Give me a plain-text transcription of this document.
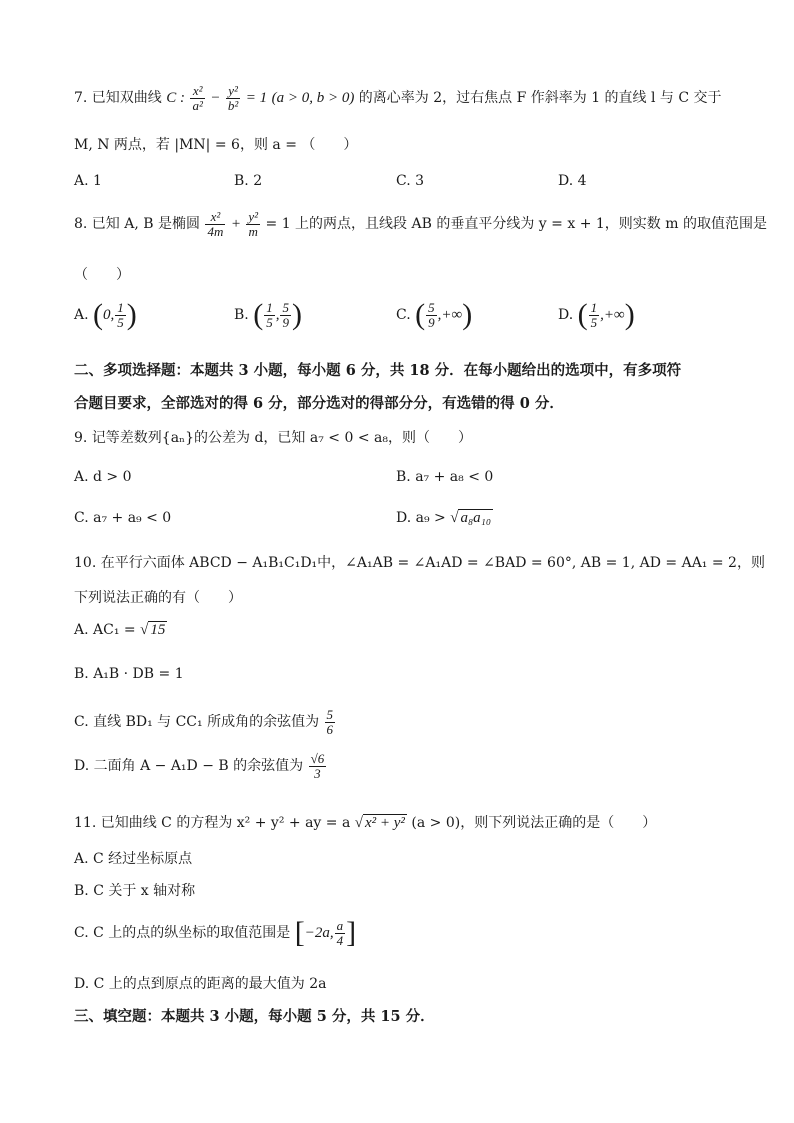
7. 已知双曲线 C : $\frac{\text{x²}}{\text{a²}} - \frac{\text{y²}}{\text{b²}} = 1$ (a > 0, b > 0) 的离心率为 2，过右焦点 F 作斜率为 1 的直线 l 与 C 交于
M, N 两点，若 |MN| = 6，则 a = （　　）
A. 1	B. 2	C. 3	D. 4
8. 已知 A, B 是椭圆 $\frac{\text{x²}}{4m} + \frac{\text{y²}}{m} = 1$ 上的两点，且线段 AB 的垂直平分线为 y = x + 1，则实数 m 的取值范围是
（　　）
A. (0, $\frac{1}{5}$ )	B. ( $\frac{1}{5}$ , $\frac{5}{9}$ )	C. ( $\frac{5}{9}$ ,+∞)	D. ( $\frac{1}{5}$ ,+∞)
二、多项选择题：本题共 3 小题，每小题 6 分，共 18 分．在每小题给出的选项中，有多项符
合题目要求，全部选对的得 6 分，部分选对的得部分分，有选错的得 0 分．
9. 记等差数列{aₙ}的公差为 d，已知 a₇ < 0 < a₈，则（　　）
A. d > 0	B. a₇ + a₈ < 0
C. a₇ + a₉ < 0	D. a₉ > √ a₈a₁₀
10. 在平行六面体 ABCD − A₁B₁C₁D₁中，∠A₁AB = ∠A₁AD = ∠BAD = 60°, AB = 1, AD = AA₁ = 2，则
下列说法正确的有（　　）
A. AC₁ = √ 15
B. A₁B · DB = 1
C. 直线 BD₁ 与 CC₁ 所成角的余弦值为 $\frac{5}{6}$
D. 二面角 A − A₁D − B 的余弦值为 $\frac{√6}{3}$
11. 已知曲线 C 的方程为 x² + y² + ay = a √ x² + y² (a > 0)，则下列说法正确的是（　　）
A. C 经过坐标原点
B. C 关于 x 轴对称
C. C 上的点的纵坐标的取值范围是 [−2a, $\frac{a}{4}$ ]
D. C 上的点到原点的距离的最大值为 2a
三、填空题：本题共 3 小题，每小题 5 分，共 15 分．
